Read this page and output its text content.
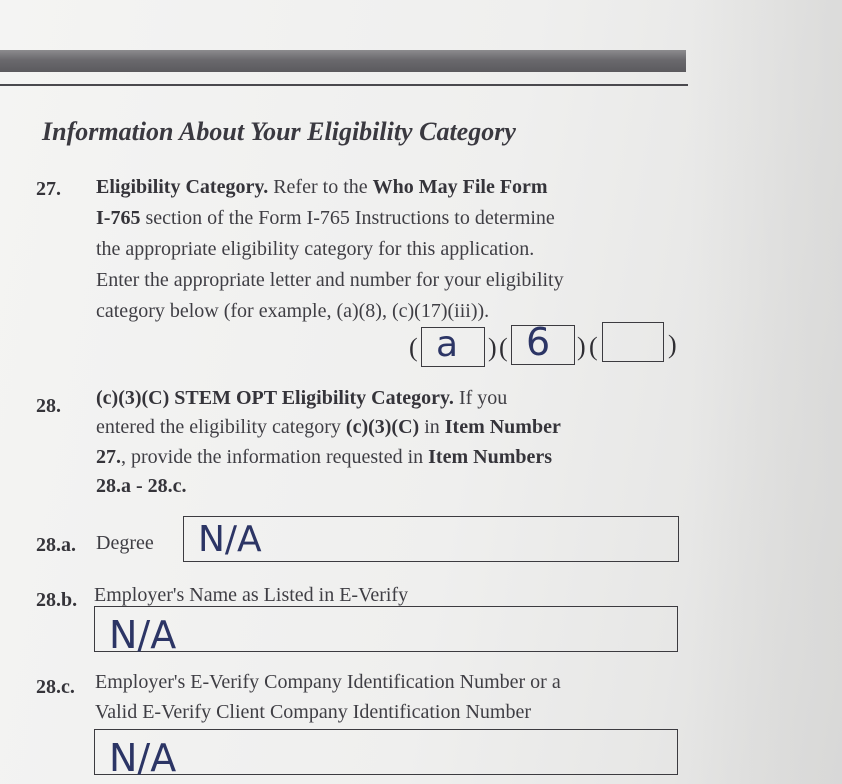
Information About Your Eligibility Category
27. Eligibility Category. Refer to the Who May File Form
I-765 section of the Form I-765 Instructions to determine
the appropriate eligibility category for this application.
Enter the appropriate letter and number for your eligibility
category below (for example, (a)(8), (c)(17)(iii)).
( a ) ( 6 ) (	)
28. (c)(3)(C) STEM OPT Eligibility Category. If you
entered the eligibility category (c)(3)(C) in Item Number
27., provide the information requested in Item Numbers
28.a - 28.c.
28.a. Degree N/A
28.b. Employer's Name as Listed in E-Verify
N/A
28.c. Employer's E-Verify Company Identification Number or a
Valid E-Verify Client Company Identification Number
N/A
